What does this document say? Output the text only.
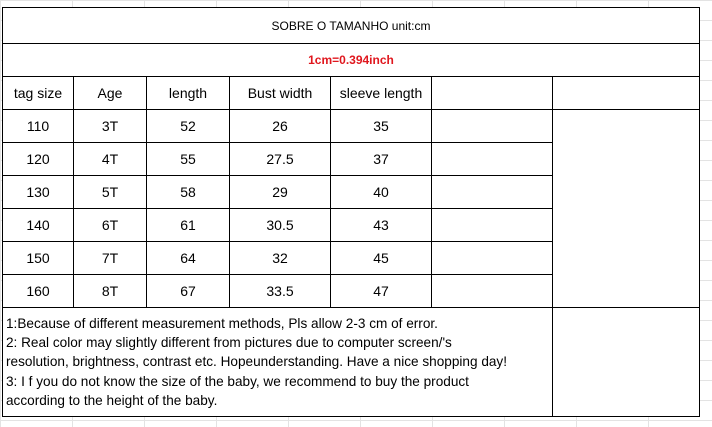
SOBRE O TAMANHO unit:cm
1cm=0.394inch
tag size	Age	length	Bust width	sleeve length
110	3T	52	26	35
120	4T	55	27.5	37
130	5T	58	29	40
140	6T	61	30.5	43
150	7T	64	32	45
160	8T	67	33.5	47
1:Because of different measurement methods, Pls allow 2-3 cm of error.
2: Real color may slightly different from pictures due to computer screen/'s
resolution, brightness, contrast etc. Hopeunderstanding. Have a nice shopping day!
3: I f you do not know the size of the baby, we recommend to buy the product
according to the height of the baby.
